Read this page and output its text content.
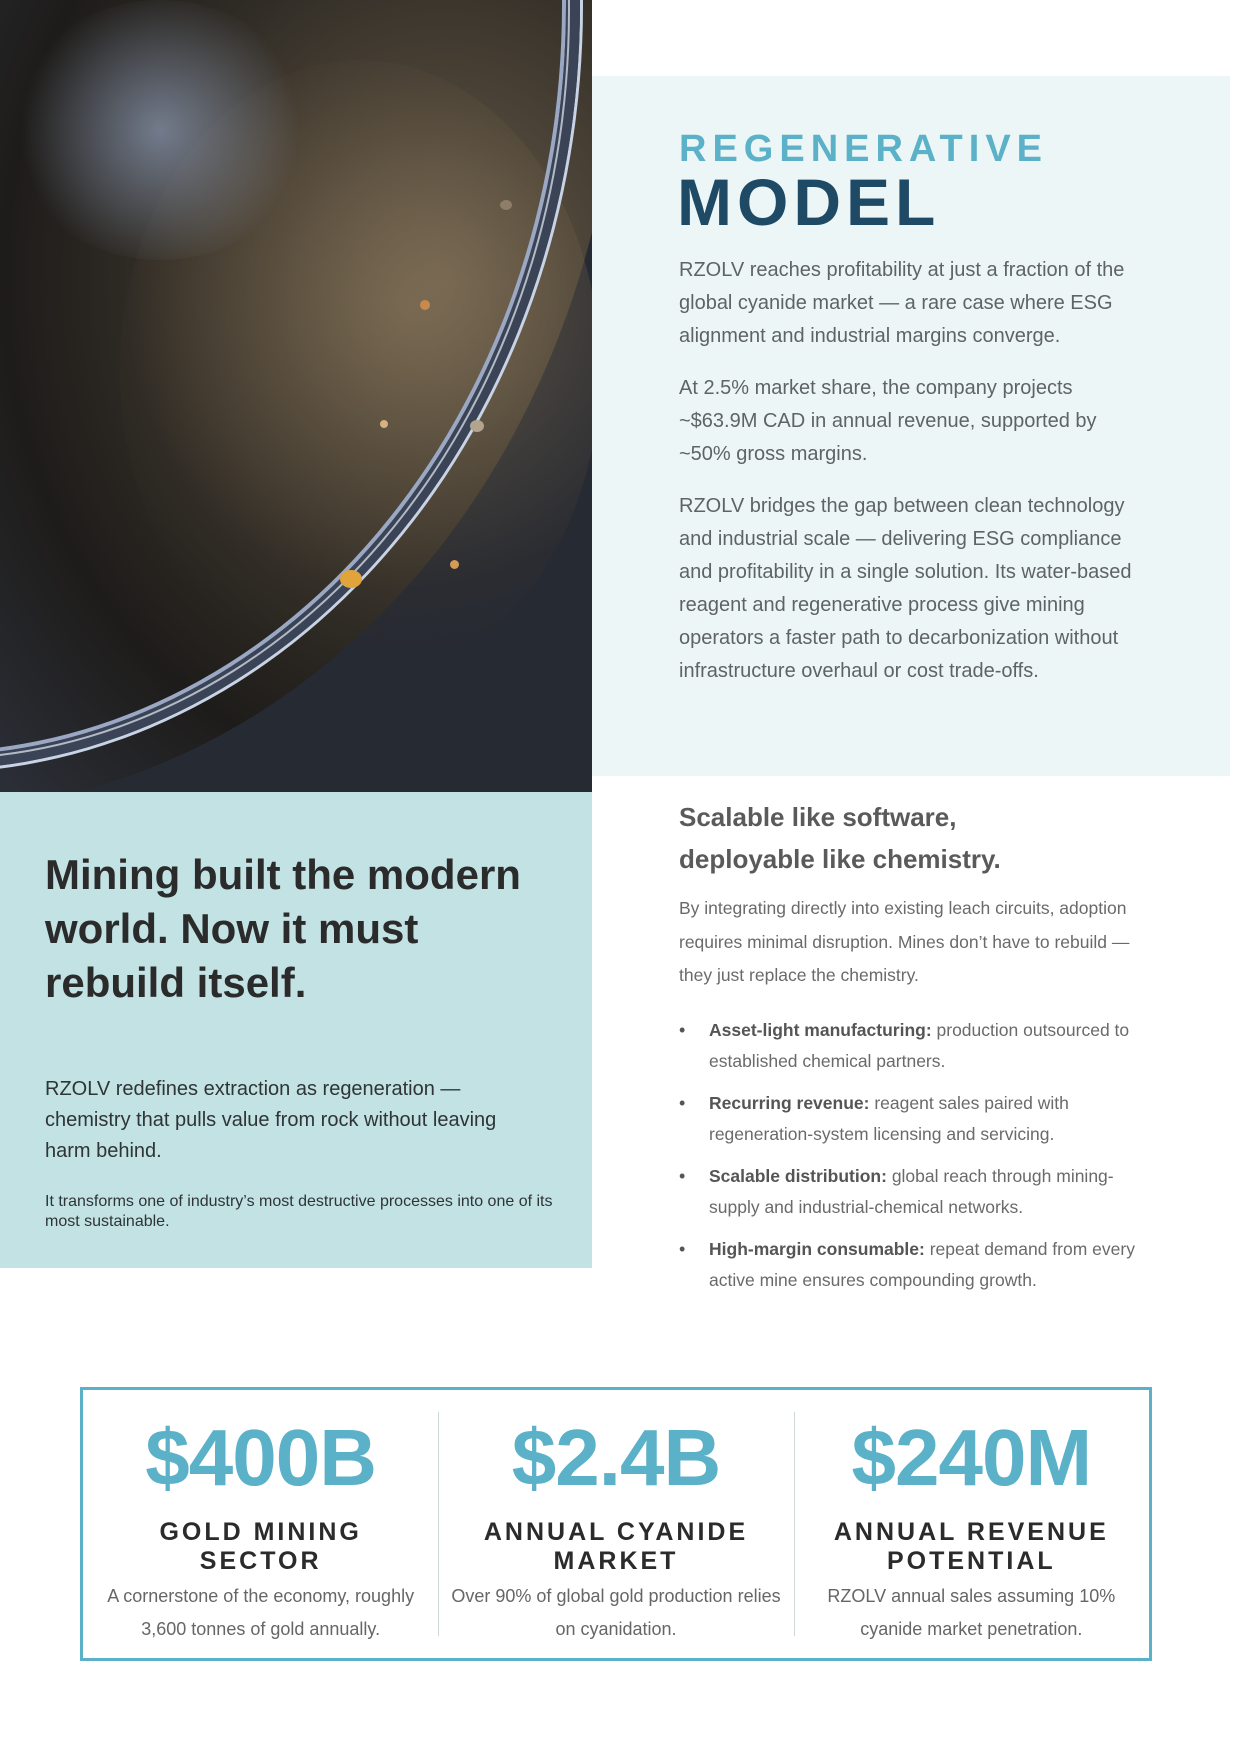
REGENERATIVE
MODEL

RZOLV reaches profitability at just a fraction of the global cyanide market — a rare case where ESG alignment and industrial margins converge.

At 2.5% market share, the company projects ~$63.9M CAD in annual revenue, supported by ~50% gross margins.

RZOLV bridges the gap between clean technology and industrial scale — delivering ESG compliance and profitability in a single solution. Its water-based reagent and regenerative process give mining operators a faster path to decarbonization without infrastructure overhaul or cost trade-offs.

Mining built the modern world. Now it must rebuild itself.

RZOLV redefines extraction as regeneration — chemistry that pulls value from rock without leaving harm behind.

It transforms one of industry’s most destructive processes into one of its most sustainable.

Scalable like software,
deployable like chemistry.

By integrating directly into existing leach circuits, adoption requires minimal disruption. Mines don’t have to rebuild — they just replace the chemistry.

• Asset-light manufacturing: production outsourced to established chemical partners.
• Recurring revenue: reagent sales paired with regeneration-system licensing and servicing.
• Scalable distribution: global reach through mining-supply and industrial-chemical networks.
• High-margin consumable: repeat demand from every active mine ensures compounding growth.
$400B
GOLD MINING
SECTOR
A cornerstone of the economy, roughly 3,600 tonnes of gold annually.
$2.4B
ANNUAL CYANIDE
MARKET
Over 90% of global gold production relies on cyanidation.
$240M
ANNUAL REVENUE
POTENTIAL
RZOLV annual sales assuming 10% cyanide market penetration.
